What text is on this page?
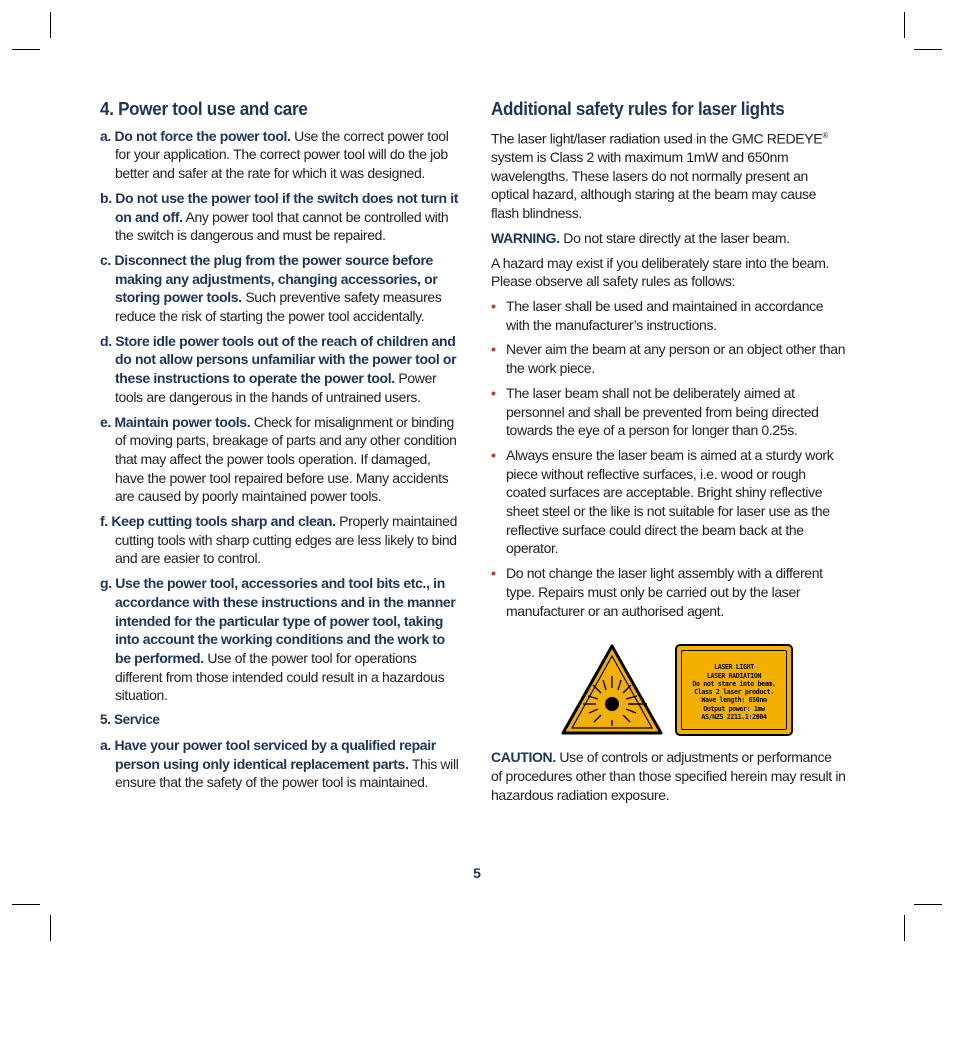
4. Power tool use and care
a. Do not force the power tool. Use the correct power tool for your application. The correct power tool will do the job better and safer at the rate for which it was designed.
b. Do not use the power tool if the switch does not turn it on and off. Any power tool that cannot be controlled with the switch is dangerous and must be repaired.
c. Disconnect the plug from the power source before making any adjustments, changing accessories, or storing power tools. Such preventive safety measures reduce the risk of starting the power tool accidentally.
d. Store idle power tools out of the reach of children and do not allow persons unfamiliar with the power tool or these instructions to operate the power tool. Power tools are dangerous in the hands of untrained users.
e. Maintain power tools. Check for misalignment or binding of moving parts, breakage of parts and any other condition that may affect the power tools operation. If damaged, have the power tool repaired before use. Many accidents are caused by poorly maintained power tools.
f. Keep cutting tools sharp and clean. Properly maintained cutting tools with sharp cutting edges are less likely to bind and are easier to control.
g. Use the power tool, accessories and tool bits etc., in accordance with these instructions and in the manner intended for the particular type of power tool, taking into account the working conditions and the work to be performed. Use of the power tool for operations different from those intended could result in a hazardous situation.
5. Service
a. Have your power tool serviced by a qualified repair person using only identical replacement parts. This will ensure that the safety of the power tool is maintained.
Additional safety rules for laser lights

The laser light/laser radiation used in the GMC REDEYE® system is Class 2 with maximum 1mW and 650nm wavelengths. These lasers do not normally present an optical hazard, although staring at the beam may cause flash blindness.

WARNING. Do not stare directly at the laser beam.

A hazard may exist if you deliberately stare into the beam. Please observe all safety rules as follows:

• The laser shall be used and maintained in accordance with the manufacturer’s instructions.
• Never aim the beam at any person or an object other than the work piece.
• The laser beam shall not be deliberately aimed at personnel and shall be prevented from being directed towards the eye of a person for longer than 0.25s.
• Always ensure the laser beam is aimed at a sturdy work piece without reflective surfaces, i.e. wood or rough coated surfaces are acceptable. Bright shiny reflective sheet steel or the like is not suitable for laser use as the reflective surface could direct the beam back at the operator.
• Do not change the laser light assembly with a different type. Repairs must only be carried out by the laser manufacturer or an authorised agent.
LASER LIGHT
LASER RADIATION
Do not stare into beam.
Class 2 laser product.
Wave length: 650nm
Output power: 1mw
AS/NZS 2211.1:2004

CAUTION. Use of controls or adjustments or performance of procedures other than those specified herein may result in hazardous radiation exposure.

5
